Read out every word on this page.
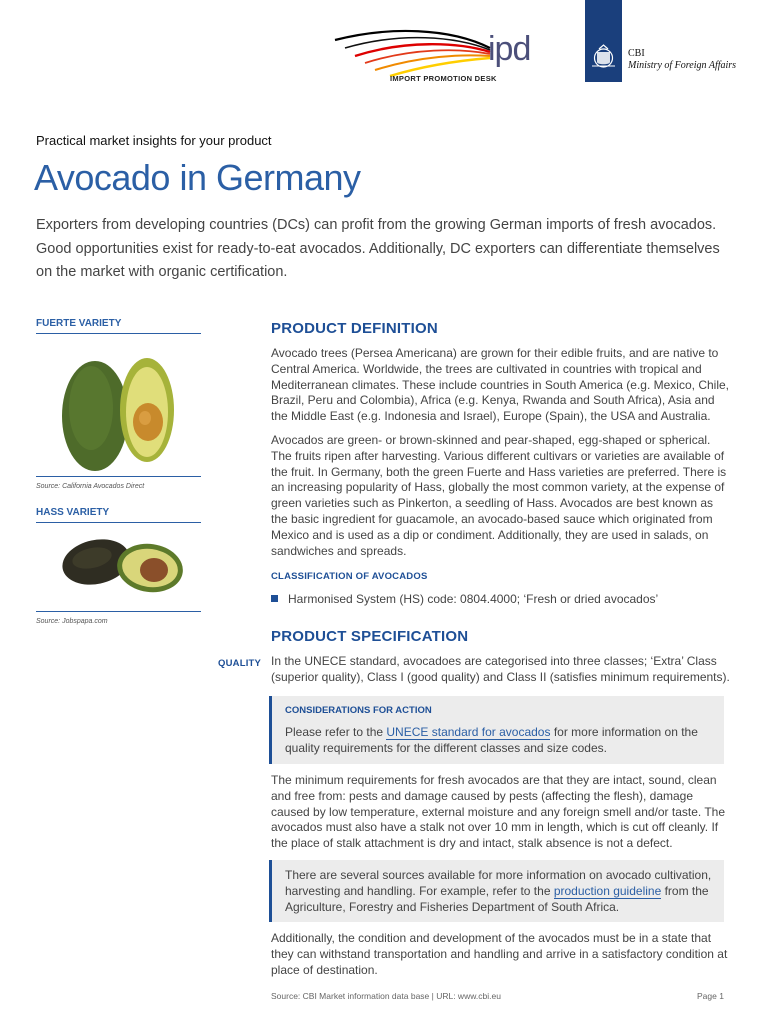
ipd
IMPORT PROMOTION DESK
CBI
Ministry of Foreign Affairs
Practical market insights for your product
Avocado in Germany

Exporters from developing countries (DCs) can profit from the growing German imports of fresh avocados. Good opportunities exist for ready-to-eat avocados. Additionally, DC exporters can differentiate themselves on the market with organic certification.

FUERTE VARIETY
Source: California Avocados Direct
HASS VARIETY
Source: Jobspapa.com
PRODUCT DEFINITION

Avocado trees (Persea Americana) are grown for their edible fruits, and are native to Central America. Worldwide, the trees are cultivated in countries with tropical and Mediterranean climates. These include countries in South America (e.g. Mexico, Chile, Brazil, Peru and Colombia), Africa (e.g. Kenya, Rwanda and South Africa), Asia and the Middle East (e.g. Indonesia and Israel), Europe (Spain), the USA and Australia.

Avocados are green- or brown-skinned and pear-shaped, egg-shaped or spherical. The fruits ripen after harvesting. Various different cultivars or varieties are available of the fruit. In Germany, both the green Fuerte and Hass varieties are preferred. There is an increasing popularity of Hass, globally the most common variety, at the expense of green varieties such as Pinkerton, a seedling of Hass. Avocados are best known as the basic ingredient for guacamole, an avocado-based sauce which originated from Mexico and is used as a dip or condiment. Additionally, they are used in salads, on sandwiches and spreads.

CLASSIFICATION OF AVOCADOS
Harmonised System (HS) code: 0804.4000; ‘Fresh or dried avocados’
PRODUCT SPECIFICATION
QUALITY In the UNECE standard, avocadoes are categorised into three classes; ‘Extra’ Class (superior quality), Class I (good quality) and Class II (satisfies minimum requirements).

CONSIDERATIONS FOR ACTION

Please refer to the UNECE standard for avocados for more information on the quality requirements for the different classes and size codes.

The minimum requirements for fresh avocados are that they are intact, sound, clean and free from: pests and damage caused by pests (affecting the flesh), damage caused by low temperature, external moisture and any foreign smell and/or taste. The avocados must also have a stalk not over 10 mm in length, which is cut off cleanly. If the place of stalk attachment is dry and intact, stalk absence is not a defect.

There are several sources available for more information on avocado cultivation, harvesting and handling. For example, refer to the production guideline from the Agriculture, Forestry and Fisheries Department of South Africa.

Additionally, the condition and development of the avocados must be in a state that they can withstand transportation and handling and arrive in a satisfactory condition at place of destination.

Source: CBI Market information data base | URL: www.cbi.eu	Page 1
